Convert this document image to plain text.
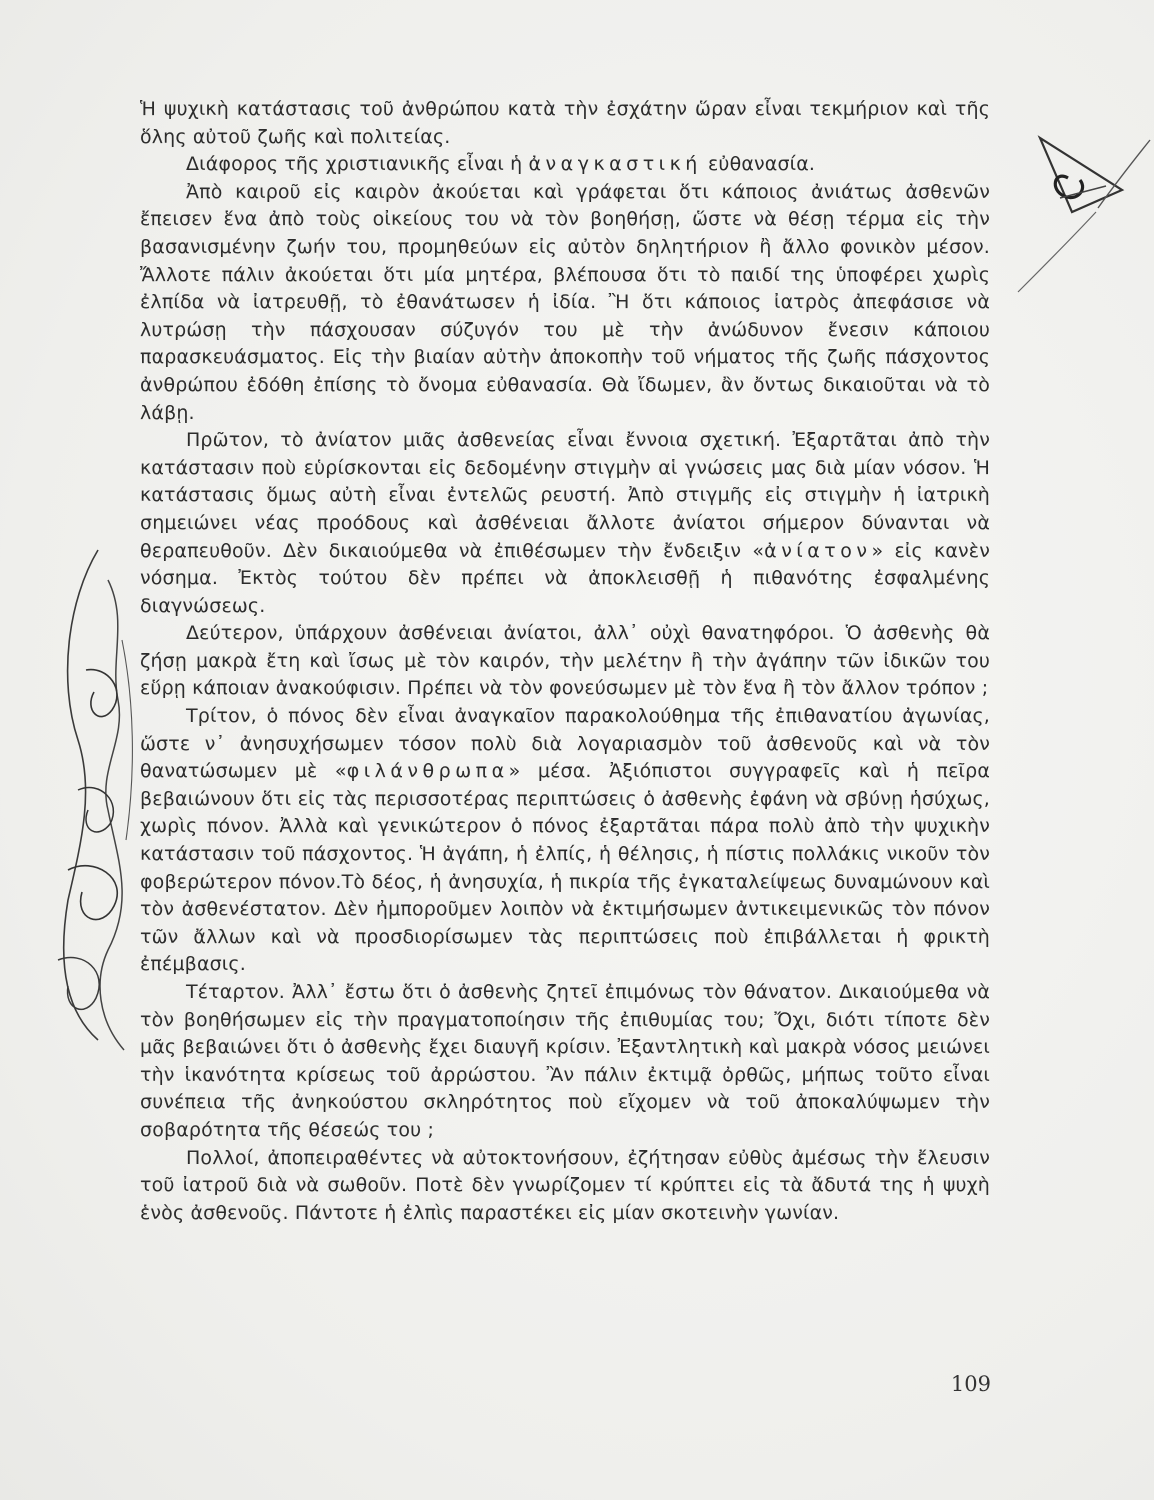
Ἡ ψυχικὴ κατάστασις τοῦ ἀνθρώπου κατὰ τὴν ἐσχάτην ὥραν εἶναι τεκμήριον καὶ τῆς ὅλης αὐτοῦ ζωῆς καὶ πολιτείας.

Διάφορος τῆς χριστιανικῆς εἶναι ἡ ἀναγκαστική εὐθανασία.

Ἀπὸ καιροῦ εἰς καιρὸν ἀκούεται καὶ γράφεται ὅτι κάποιος ἀνιάτως ἀσθενῶν ἔπεισεν ἕνα ἀπὸ τοὺς οἰκείους του νὰ τὸν βοηθήσῃ, ὥστε νὰ θέσῃ τέρμα εἰς τὴν βασανισμένην ζωήν του, προμηθεύων εἰς αὐτὸν δηλητήριον ἢ ἄλλο φονικὸν μέσον. Ἄλλοτε πάλιν ἀκούεται ὅτι μία μητέρα, βλέπουσα ὅτι τὸ παιδί της ὑποφέρει χωρὶς ἐλπίδα νὰ ἰατρευθῇ, τὸ ἐθανάτωσεν ἡ ἰδία. Ἢ ὅτι κάποιος ἰατρὸς ἀπεφάσισε νὰ λυτρώσῃ τὴν πάσχουσαν σύζυγόν του μὲ τὴν ἀνώδυνον ἔνεσιν κάποιου παρασκευάσματος. Εἰς τὴν βιαίαν αὐτὴν ἀποκοπὴν τοῦ νήματος τῆς ζωῆς πάσχοντος ἀνθρώπου ἐδόθη ἐπίσης τὸ ὄνομα εὐθανασία. Θὰ ἴδωμεν, ἂν ὄντως δικαιοῦται νὰ τὸ λάβῃ.

Πρῶτον, τὸ ἀνίατον μιᾶς ἀσθενείας εἶναι ἔννοια σχετική. Ἐξαρτᾶται ἀπὸ τὴν κατάστασιν ποὺ εὑρίσκονται εἰς δεδομένην στιγμὴν αἱ γνώσεις μας διὰ μίαν νόσον. Ἡ κατάστασις ὅμως αὐτὴ εἶναι ἐντελῶς ρευστή. Ἀπὸ στιγμῆς εἰς στιγμὴν ἡ ἰατρικὴ σημειώνει νέας προόδους καὶ ἀσθένειαι ἄλλοτε ἀνίατοι σήμερον δύνανται νὰ θεραπευθοῦν. Δὲν δικαιούμεθα νὰ ἐπιθέσωμεν τὴν ἔνδειξιν «ἀνίατον» εἰς κανὲν νόσημα. Ἐκτὸς τούτου δὲν πρέπει νὰ ἀποκλεισθῇ ἡ πιθανότης ἐσφαλμένης διαγνώσεως.

Δεύτερον, ὑπάρχουν ἀσθένειαι ἀνίατοι, ἀλλ᾽ οὐχὶ θανατηφόροι. Ὁ ἀσθενὴς θὰ ζήσῃ μακρὰ ἔτη καὶ ἴσως μὲ τὸν καιρόν, τὴν μελέτην ἢ τὴν ἀγάπην τῶν ἰδικῶν του εὕρῃ κάποιαν ἀνακούφισιν. Πρέπει νὰ τὸν φονεύσωμεν μὲ τὸν ἕνα ἢ τὸν ἄλλον τρόπον ;

Τρίτον, ὁ πόνος δὲν εἶναι ἀναγκαῖον παρακολούθημα τῆς ἐπιθανατίου ἀγωνίας, ὥστε ν᾽ ἀνησυχήσωμεν τόσον πολὺ διὰ λογαριασμὸν τοῦ ἀσθενοῦς καὶ νὰ τὸν θανατώσωμεν μὲ «φιλάνθρωπα» μέσα. Ἀξιόπιστοι συγγραφεῖς καὶ ἡ πεῖρα βεβαιώνουν ὅτι εἰς τὰς περισσοτέρας περιπτώσεις ὁ ἀσθενὴς ἐφάνη νὰ σβύνῃ ἡσύχως, χωρὶς πόνον. Ἀλλὰ καὶ γενικώτερον ὁ πόνος ἐξαρτᾶται πάρα πολὺ ἀπὸ τὴν ψυχικὴν κατάστασιν τοῦ πάσχοντος. Ἡ ἀγάπη, ἡ ἐλπίς, ἡ θέλησις, ἡ πίστις πολλάκις νικοῦν τὸν φοβερώτερον πόνον.Τὸ δέος, ἡ ἀνησυχία, ἡ πικρία τῆς ἐγκαταλείψεως δυναμώνουν καὶ τὸν ἀσθενέστατον. Δὲν ἠμποροῦμεν λοιπὸν νὰ ἐκτιμήσωμεν ἀντικειμενικῶς τὸν πόνον τῶν ἄλλων καὶ νὰ προσδιορίσωμεν τὰς περιπτώσεις ποὺ ἐπιβάλλεται ἡ φρικτὴ ἐπέμβασις.

Τέταρτον. Ἀλλ᾽ ἔστω ὅτι ὁ ἀσθενὴς ζητεῖ ἐπιμόνως τὸν θάνατον. Δικαιούμεθα νὰ τὸν βοηθήσωμεν εἰς τὴν πραγματοποίησιν τῆς ἐπιθυμίας του; Ὄχι, διότι τίποτε δὲν μᾶς βεβαιώνει ὅτι ὁ ἀσθενὴς ἔχει διαυγῆ κρίσιν. Ἐξαντλητικὴ καὶ μακρὰ νόσος μειώνει τὴν ἱκανότητα κρίσεως τοῦ ἀρρώστου. Ἂν πάλιν ἐκτιμᾷ ὀρθῶς, μήπως τοῦτο εἶναι συνέπεια τῆς ἀνηκούστου σκληρότητος ποὺ εἴχομεν νὰ τοῦ ἀποκαλύψωμεν τὴν σοβαρότητα τῆς θέσεώς του ;

Πολλοί, ἀποπειραθέντες νὰ αὐτοκτονήσουν, ἐζήτησαν εὐθὺς ἀμέσως τὴν ἔλευσιν τοῦ ἰατροῦ διὰ νὰ σωθοῦν. Ποτὲ δὲν γνωρίζομεν τί κρύπτει εἰς τὰ ἄδυτά της ἡ ψυχὴ ἑνὸς ἀσθενοῦς. Πάντοτε ἡ ἐλπὶς παραστέκει εἰς μίαν σκοτεινὴν γωνίαν.

109
